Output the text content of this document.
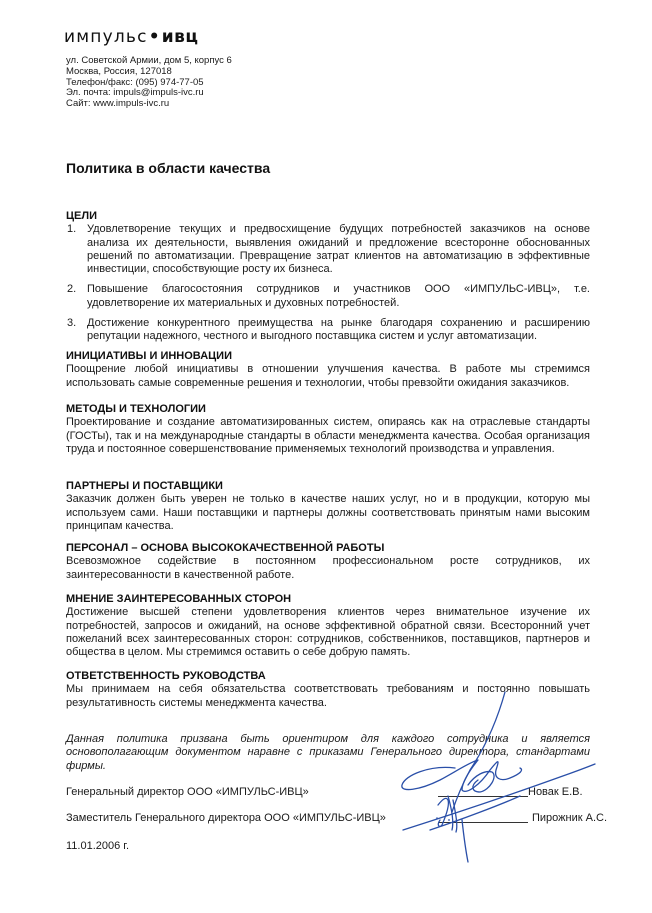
импульс•ивц
ул. Советской Армии, дом 5, корпус 6
Москва, Россия, 127018
Телефон/факс: (095) 974-77-05
Эл. почта: impuls@impuls-ivc.ru
Сайт: www.impuls-ivc.ru
Политика в области качества
ЦЕЛИ
1. Удовлетворение текущих и предвосхищение будущих потребностей заказчиков на основе анализа их деятельности, выявления ожиданий и предложение всесторонне обоснованных решений по автоматизации. Превращение затрат клиентов на автоматизацию в эффективные инвестиции, способствующие росту их бизнеса.
2. Повышение благосостояния сотрудников и участников ООО «ИМПУЛЬС-ИВЦ», т.е. удовлетворение их материальных и духовных потребностей.
3. Достижение конкурентного преимущества на рынке благодаря сохранению и расширению репутации надежного, честного и выгодного поставщика систем и услуг автоматизации.
ИНИЦИАТИВЫ И ИННОВАЦИИ

Поощрение любой инициативы в отношении улучшения качества. В работе мы стремимся использовать самые современные решения и технологии, чтобы превзойти ожидания заказчиков.

МЕТОДЫ И ТЕХНОЛОГИИ

Проектирование и создание автоматизированных систем, опираясь как на отраслевые стандарты (ГОСТы), так и на международные стандарты в области менеджмента качества. Особая организация труда и постоянное совершенствование применяемых технологий производства и управления.

ПАРТНЕРЫ И ПОСТАВЩИКИ

Заказчик должен быть уверен не только в качестве наших услуг, но и в продукции, которую мы используем сами. Наши поставщики и партнеры должны соответствовать принятым нами высоким принципам качества.

ПЕРСОНАЛ – ОСНОВА ВЫСОКОКАЧЕСТВЕННОЙ РАБОТЫ

Всевозможное содействие в постоянном профессиональном росте сотрудников, их заинтересованности в качественной работе.

МНЕНИЕ ЗАИНТЕРЕСОВАННЫХ СТОРОН

Достижение высшей степени удовлетворения клиентов через внимательное изучение их потребностей, запросов и ожиданий, на основе эффективной обратной связи. Всесторонний учет пожеланий всех заинтересованных сторон: сотрудников, собственников, поставщиков, партнеров и общества в целом. Мы стремимся оставить о себе добрую память.

ОТВЕТСТВЕННОСТЬ РУКОВОДСТВА

Мы принимаем на себя обязательства соответствовать требованиям и постоянно повышать результативность системы менеджмента качества.

Данная политика призвана быть ориентиром для каждого сотрудника и является основополагающим документом наравне с приказами Генерального директора, стандартами фирмы.
Генеральный директор ООО «ИМПУЛЬС-ИВЦ»	Новак Е.В.
Заместитель Генерального директора ООО «ИМПУЛЬС-ИВЦ»	Пирожник А.С.
11.01.2006 г.
